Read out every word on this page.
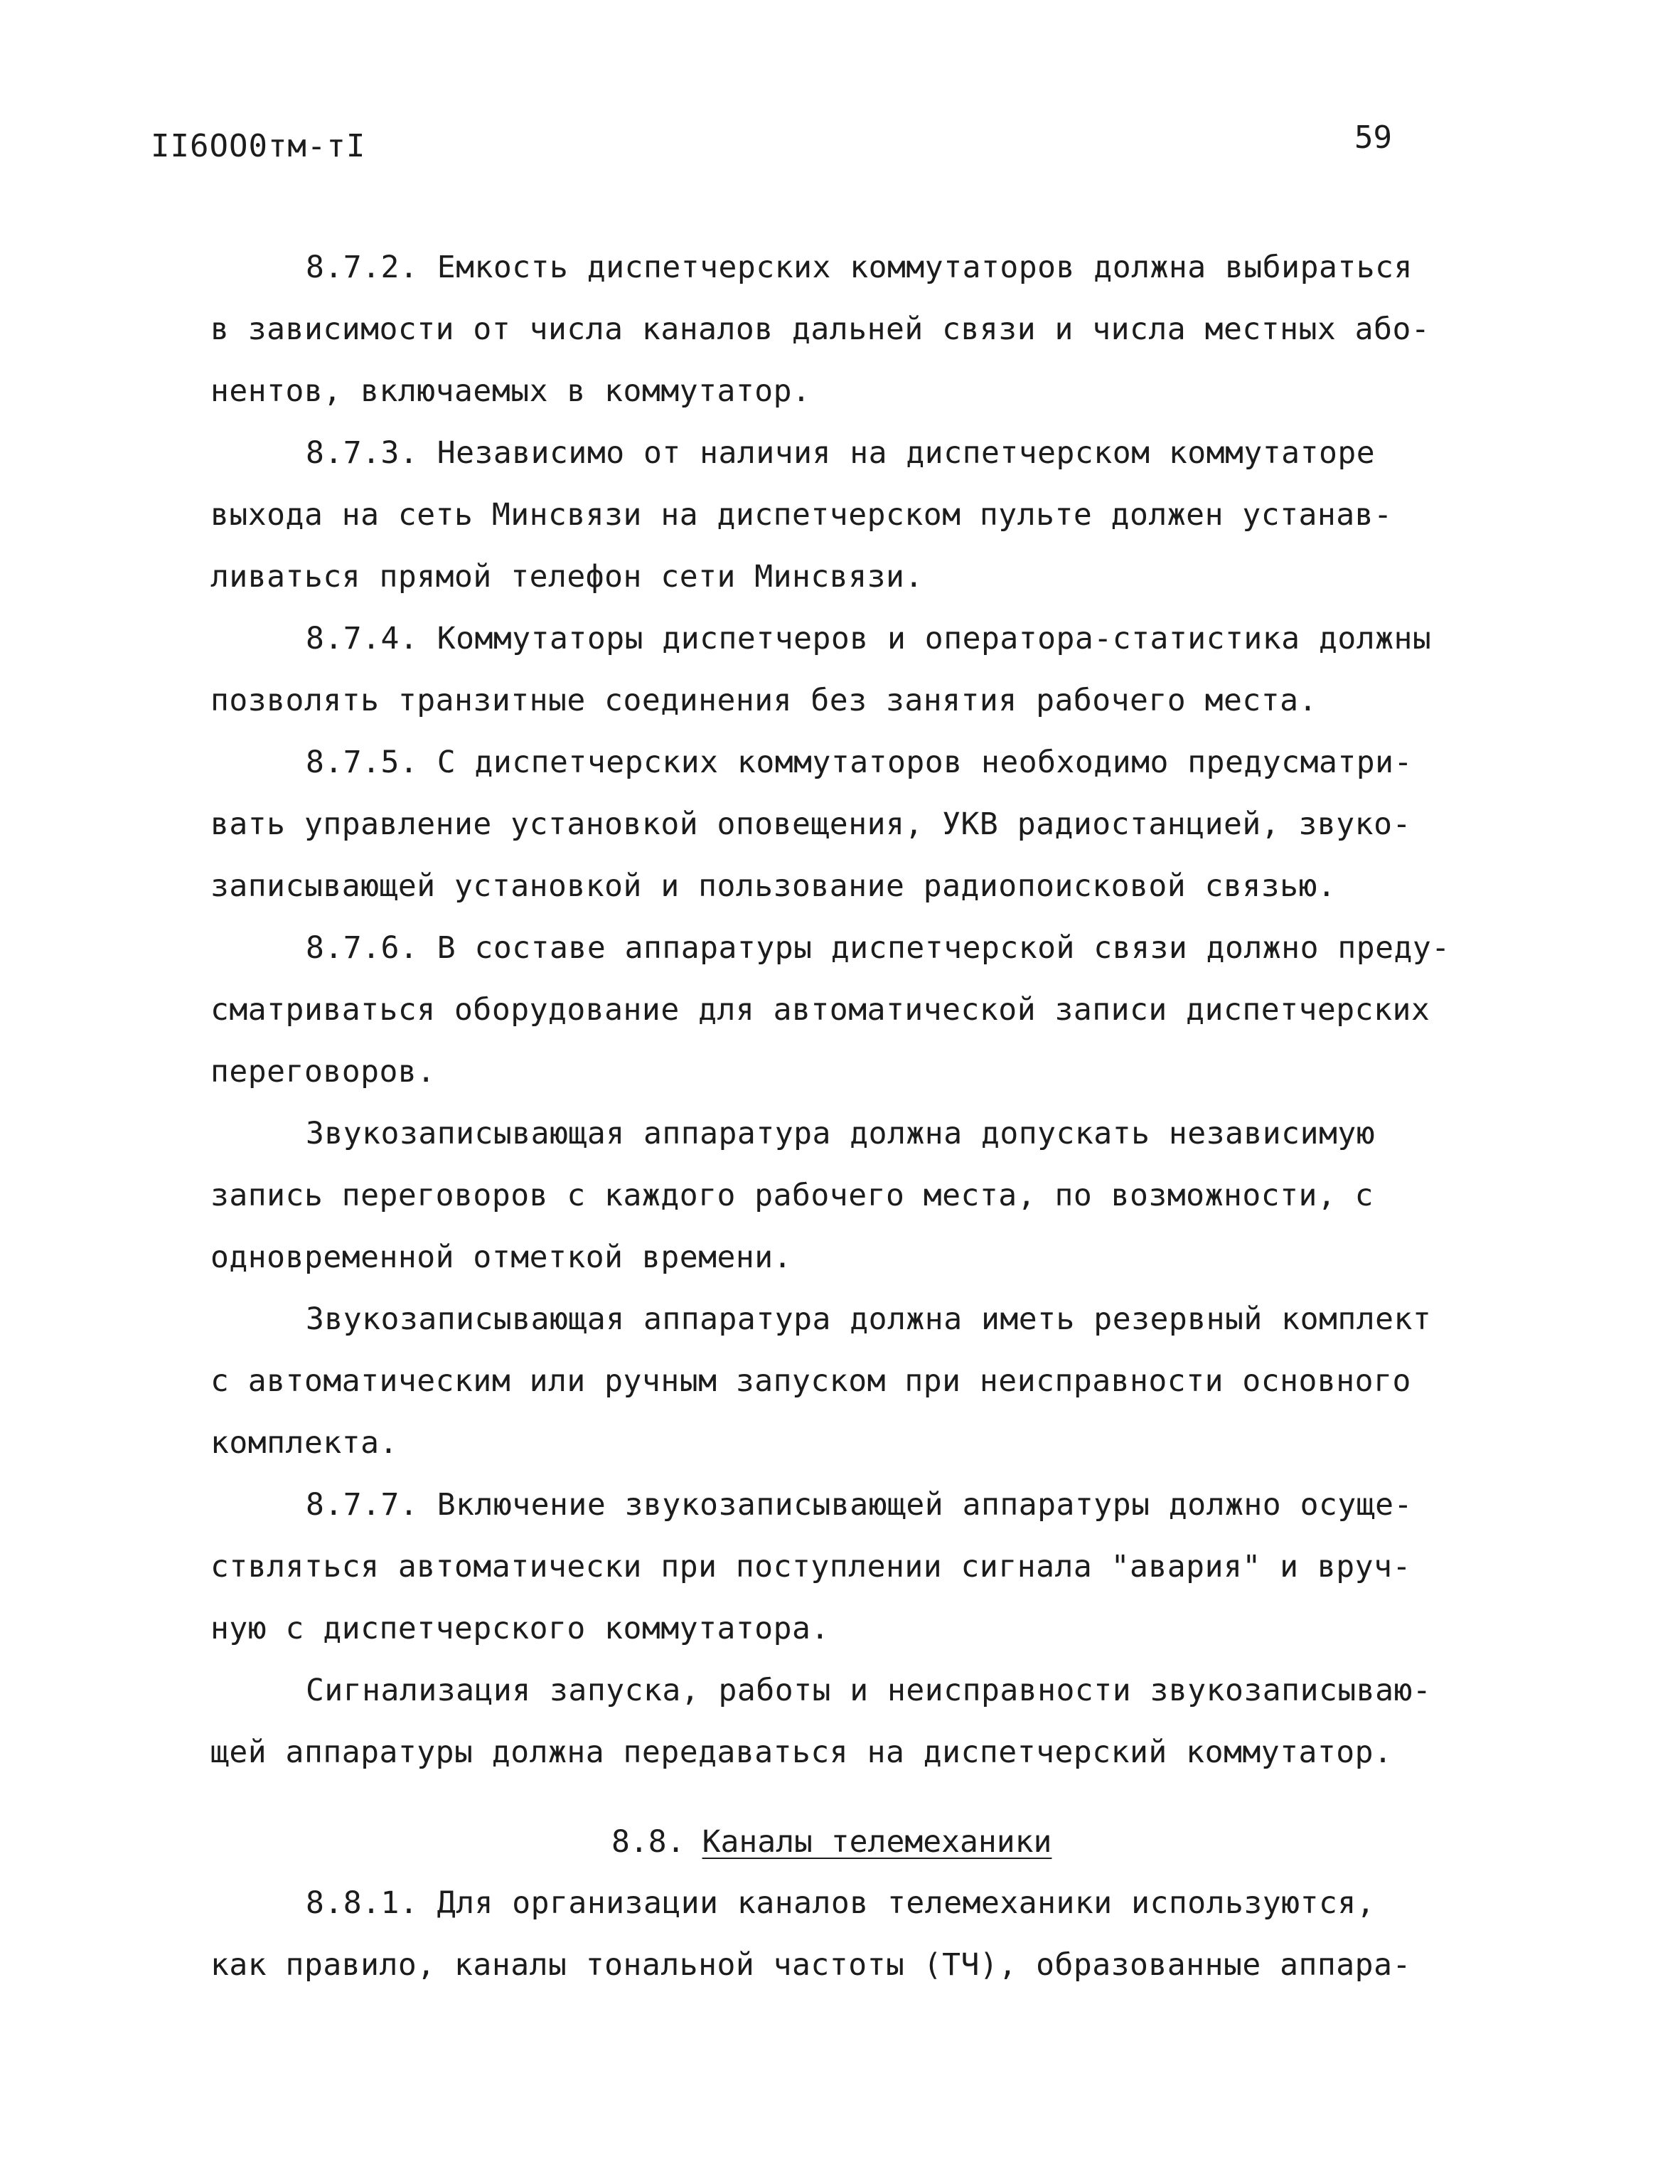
II6ОО0тм-тI	59
8.7.2. Емкость диспетчерских коммутаторов должна выбираться
в зависимости от числа каналов дальней связи и числа местных або-
нентов, включаемых в коммутатор.
8.7.3. Независимо от наличия на диспетчерском коммутаторе
выхода на сеть Минсвязи на диспетчерском пульте должен устанав-
ливаться прямой телефон сети Минсвязи.
8.7.4. Коммутаторы диспетчеров и оператора-статистика должны
позволять транзитные соединения без занятия рабочего места.
8.7.5. С диспетчерских коммутаторов необходимо предусматри-
вать управление установкой оповещения, УКВ радиостанцией, звуко-
записывающей установкой и пользование радиопоисковой связью.
8.7.6. В составе аппаратуры диспетчерской связи должно преду-
сматриваться оборудование для автоматической записи диспетчерских
переговоров.
Звукозаписывающая аппаратура должна допускать независимую
запись переговоров с каждого рабочего места, по возможности, с
одновременной отметкой времени.
Звукозаписывающая аппаратура должна иметь резервный комплект
с автоматическим или ручным запуском при неисправности основного
комплекта.
8.7.7. Включение звукозаписывающей аппаратуры должно осуще-
ствляться автоматически при поступлении сигнала "авария" и вруч-
ную с диспетчерского коммутатора.
Сигнализация запуска, работы и неисправности звукозаписываю-
щей аппаратуры должна передаваться на диспетчерский коммутатор.
8.8. Каналы телемеханики
8.8.1. Для организации каналов телемеханики используются,
как правило, каналы тональной частоты (ТЧ), образованные аппара-
